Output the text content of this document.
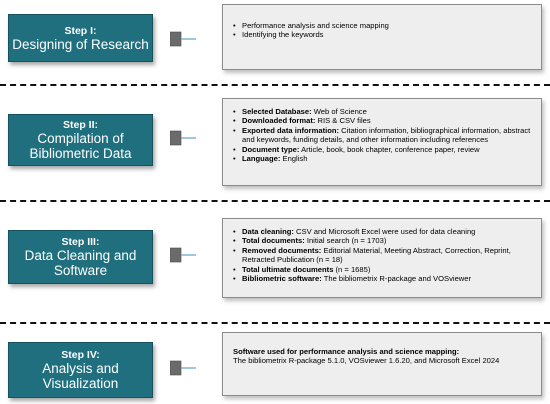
Step I:
Designing of Research
• Performance analysis and science mapping
• Identifying the keywords
Step II:
Compilation of
Bibliometric Data
• Selected Database: Web of Science
• Downloaded format: RIS & CSV files
• Exported data information: Citation information, bibliographical information, abstract and keywords, funding details, and other information including references
• Document type: Article, book, book chapter, conference paper, review
• Language: English
Step III:
Data Cleaning and
Software
• Data cleaning: CSV and Microsoft Excel were used for data cleaning
• Total documents: Initial search (n = 1703)
• Removed documents: Editorial Material, Meeting Abstract, Correction, Reprint, Retracted Publication (n = 18)
• Total ultimate documents (n = 1685)
• Bibliometric software: The bibliometrix R-package and VOSviewer
Step IV:
Analysis and
Visualization
Software used for performance analysis and science mapping:
The bibliometrix R-package 5.1.0, VOSviewer 1.6.20, and Microsoft Excel 2024
